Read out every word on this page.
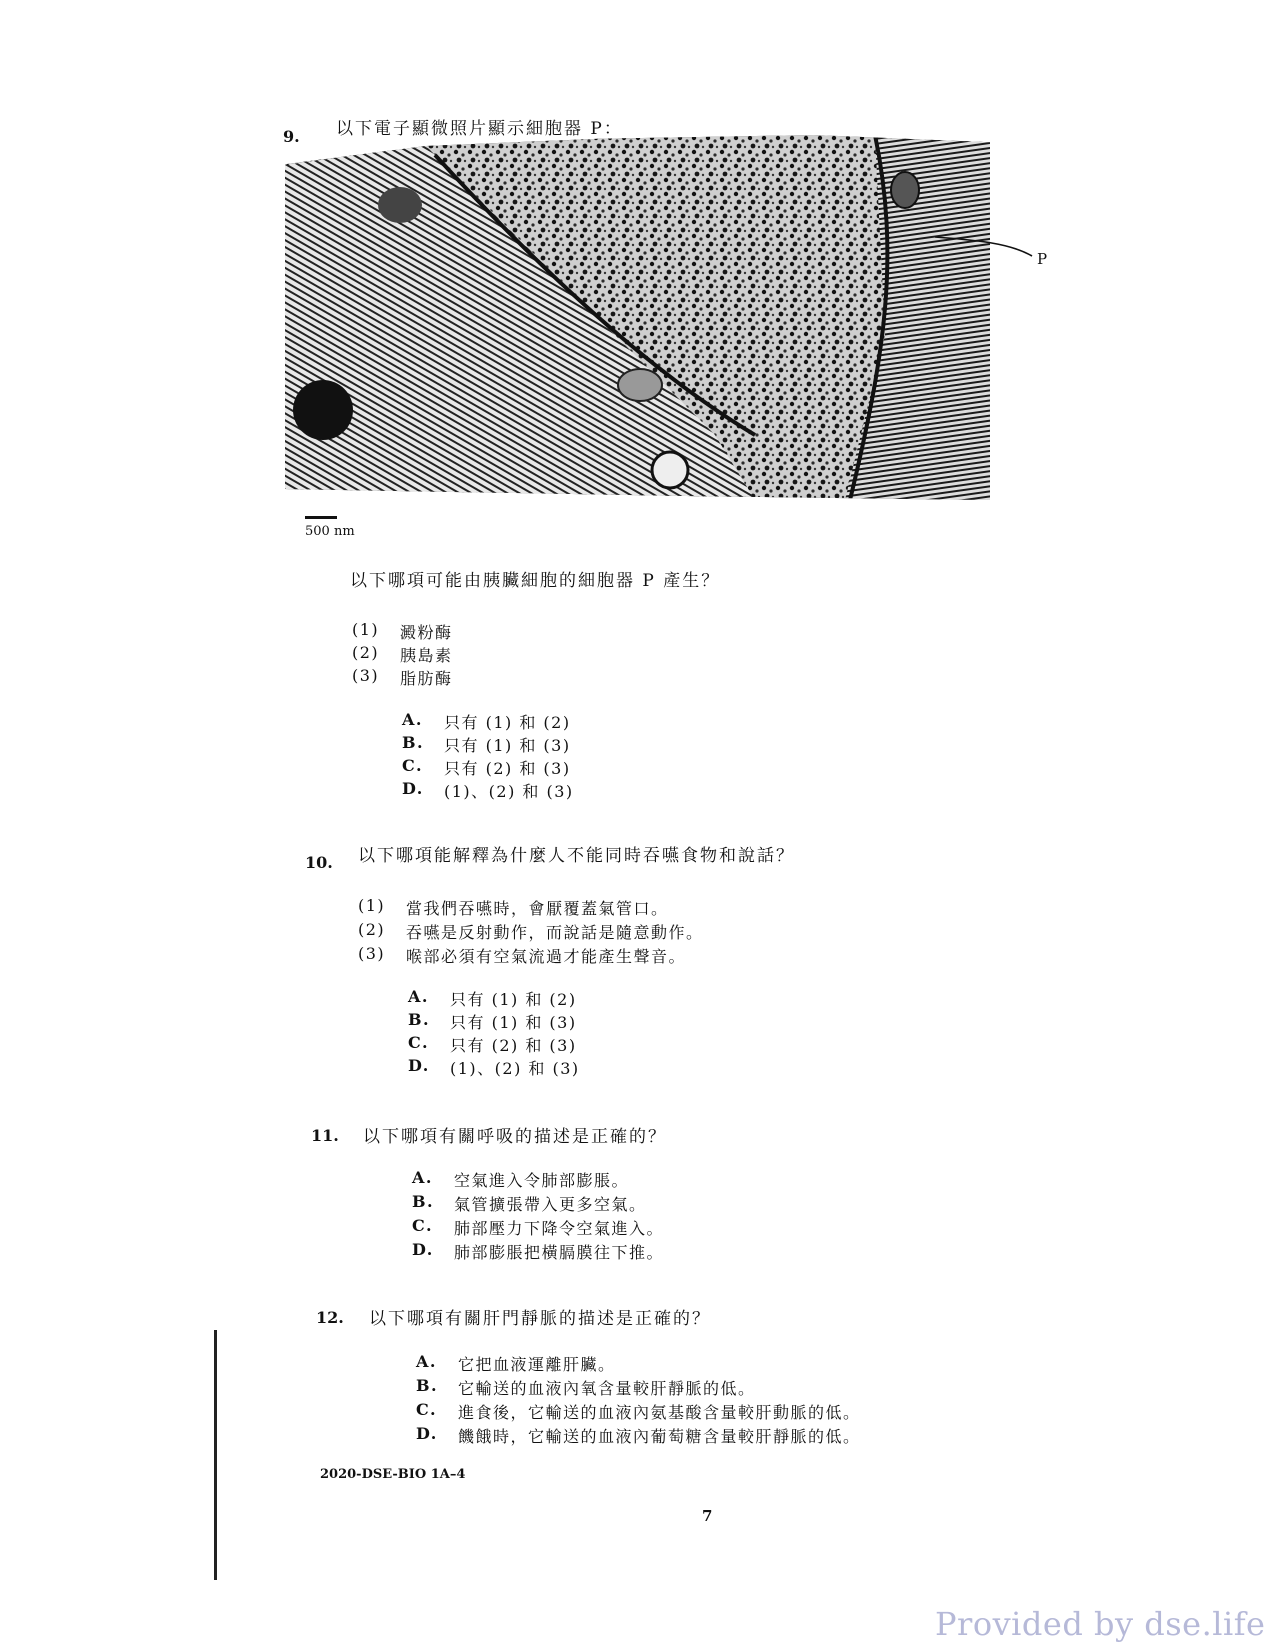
9. 以下電子顯微照片顯示細胞器 P：
P
500 nm
以下哪項可能由胰臟細胞的細胞器 P 產生？
(1) 澱粉酶
(2) 胰島素
(3) 脂肪酶
A. 只有 (1) 和 (2)
B. 只有 (1) 和 (3)
C. 只有 (2) 和 (3)
D. (1)、(2) 和 (3)
10. 以下哪項能解釋為什麼人不能同時吞嚥食物和說話？
(1) 當我們吞嚥時，會厭覆蓋氣管口。
(2) 吞嚥是反射動作，而說話是隨意動作。
(3) 喉部必須有空氣流過才能產生聲音。
A. 只有 (1) 和 (2)
B. 只有 (1) 和 (3)
C. 只有 (2) 和 (3)
D. (1)、(2) 和 (3)
11. 以下哪項有關呼吸的描述是正確的？
A. 空氣進入令肺部膨脹。
B. 氣管擴張帶入更多空氣。
C. 肺部壓力下降令空氣進入。
D. 肺部膨脹把橫膈膜往下推。
12. 以下哪項有關肝門靜脈的描述是正確的？
A. 它把血液運離肝臟。
B. 它輸送的血液內氧含量較肝靜脈的低。
C. 進食後，它輸送的血液內氨基酸含量較肝動脈的低。
D. 饑餓時，它輸送的血液內葡萄糖含量較肝靜脈的低。
2020-DSE-BIO 1A–4
7
Provided by dse.life
